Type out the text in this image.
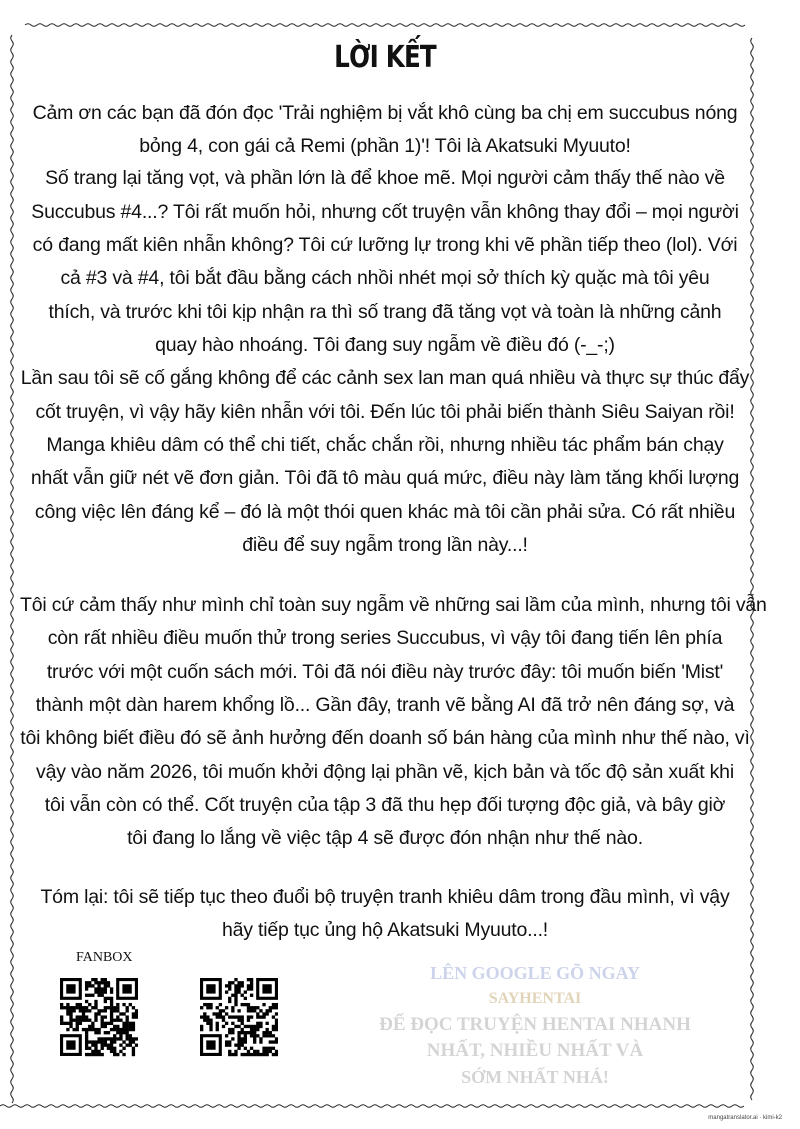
LỜI KẾT
Cảm ơn các bạn đã đón đọc 'Trải nghiệm bị vắt khô cùng ba chị em succubus nóng
bỏng 4, con gái cả Remi (phần 1)'! Tôi là Akatsuki Myuuto!
Số trang lại tăng vọt, và phần lớn là để khoe mẽ. Mọi người cảm thấy thế nào về
Succubus #4...? Tôi rất muốn hỏi, nhưng cốt truyện vẫn không thay đổi – mọi người
có đang mất kiên nhẫn không? Tôi cứ lưỡng lự trong khi vẽ phần tiếp theo (lol). Với
cả #3 và #4, tôi bắt đầu bằng cách nhồi nhét mọi sở thích kỳ quặc mà tôi yêu
thích, và trước khi tôi kịp nhận ra thì số trang đã tăng vọt và toàn là những cảnh
quay hào nhoáng. Tôi đang suy ngẫm về điều đó (-_-;)
Lần sau tôi sẽ cố gắng không để các cảnh sex lan man quá nhiều và thực sự thúc đẩy
cốt truyện, vì vậy hãy kiên nhẫn với tôi. Đến lúc tôi phải biến thành Siêu Saiyan rồi!
Manga khiêu dâm có thể chi tiết, chắc chắn rồi, nhưng nhiều tác phẩm bán chạy
nhất vẫn giữ nét vẽ đơn giản. Tôi đã tô màu quá mức, điều này làm tăng khối lượng
công việc lên đáng kể – đó là một thói quen khác mà tôi cần phải sửa. Có rất nhiều
điều để suy ngẫm trong lần này...!
Tôi cứ cảm thấy như mình chỉ toàn suy ngẫm về những sai lầm của mình, nhưng tôi vẫn
còn rất nhiều điều muốn thử trong series Succubus, vì vậy tôi đang tiến lên phía
trước với một cuốn sách mới. Tôi đã nói điều này trước đây: tôi muốn biến 'Mist'
thành một dàn harem khổng lồ... Gần đây, tranh vẽ bằng AI đã trở nên đáng sợ, và
tôi không biết điều đó sẽ ảnh hưởng đến doanh số bán hàng của mình như thế nào, vì
vậy vào năm 2026, tôi muốn khởi động lại phần vẽ, kịch bản và tốc độ sản xuất khi
tôi vẫn còn có thể. Cốt truyện của tập 3 đã thu hẹp đối tượng độc giả, và bây giờ
tôi đang lo lắng về việc tập 4 sẽ được đón nhận như thế nào.
Tóm lại: tôi sẽ tiếp tục theo đuổi bộ truyện tranh khiêu dâm trong đầu mình, vì vậy
hãy tiếp tục ủng hộ Akatsuki Myuuto...!
LÊN GOOGLE GÕ NGAY
SAYHENTAI
ĐỂ ĐỌC TRUYỆN HENTAI NHANH
NHẤT, NHIỀU NHẤT VÀ
SỚM NHẤT NHÁ!
FANBOX
mangatranslator.ai · kimi-k2
